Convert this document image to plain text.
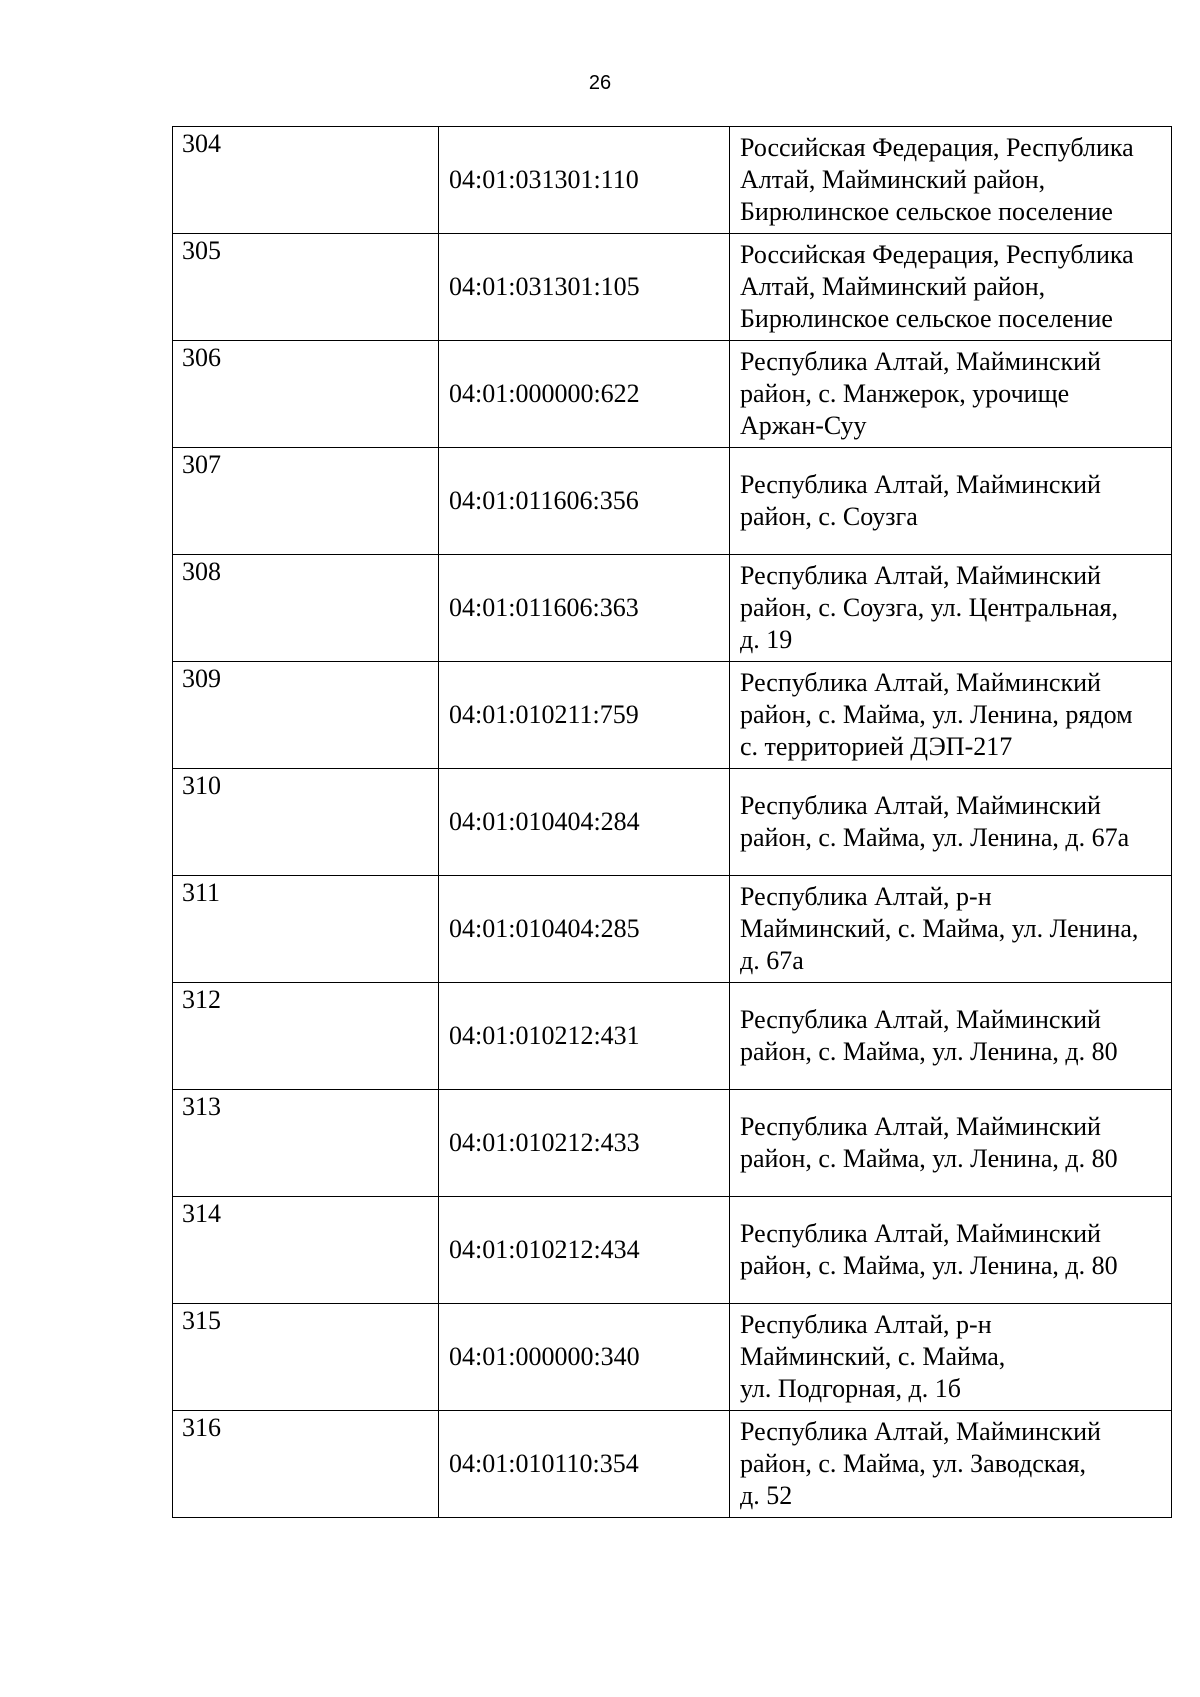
26
304	04:01:031301:110	Российская Федерация, Республика
Алтай, Майминский район,
Бирюлинское сельское поселение
305	04:01:031301:105	Российская Федерация, Республика
Алтай, Майминский район,
Бирюлинское сельское поселение
306	04:01:000000:622	Республика Алтай, Майминский
район, с. Манжерок, урочище
Аржан-Суу
307	04:01:011606:356	Республика Алтай, Майминский
район, с. Соузга
308	04:01:011606:363	Республика Алтай, Майминский
район, с. Соузга, ул. Центральная,
д. 19
309	04:01:010211:759	Республика Алтай, Майминский
район, с. Майма, ул. Ленина, рядом
с. территорией ДЭП-217
310	04:01:010404:284	Республика Алтай, Майминский
район, с. Майма, ул. Ленина, д. 67а
311	04:01:010404:285	Республика Алтай, р-н
Майминский, с. Майма, ул. Ленина,
д. 67а
312	04:01:010212:431	Республика Алтай, Майминский
район, с. Майма, ул. Ленина, д. 80
313	04:01:010212:433	Республика Алтай, Майминский
район, с. Майма, ул. Ленина, д. 80
314	04:01:010212:434	Республика Алтай, Майминский
район, с. Майма, ул. Ленина, д. 80
315	04:01:000000:340	Республика Алтай, р-н
Майминский, с. Майма,
ул. Подгорная, д. 1б
316	04:01:010110:354	Республика Алтай, Майминский
район, с. Майма, ул. Заводская,
д. 52
